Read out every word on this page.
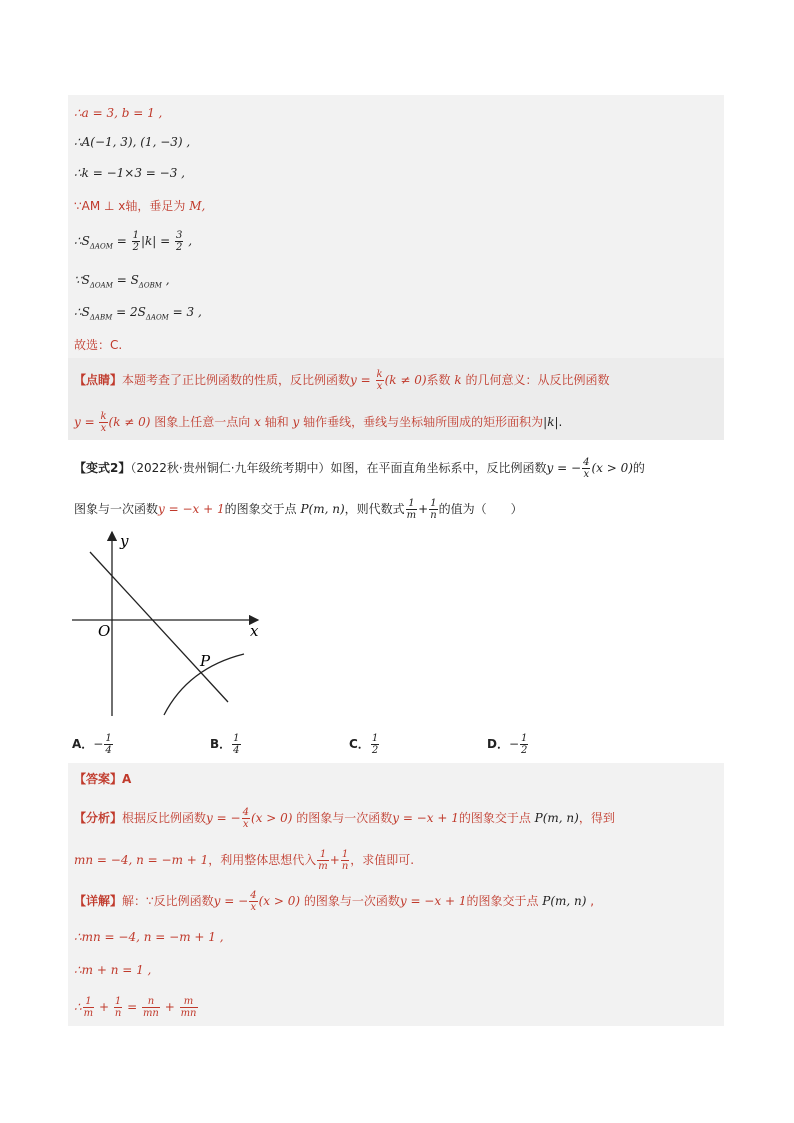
∴a = 3, b = 1 ,
∴A(−1, 3), (1, −3) ,
∴k = −1×3 = −3 ,
∵AM ⊥ x轴，垂足为 M,
$\therefore S_{\Delta AOM} = \frac{1}{2} |k| = \frac{3}{2}$ ,
$\because S_{\Delta OAM} = S_{\Delta OBM}$ ,
$\therefore S_{\Delta ABM} = 2S_{\Delta AOM} = 3$ ,
故选：C.
【点睛】本题考查了正比例函数的性质，反比例函数$y = \frac{k}{x} (k \ne 0)$系数 k 的几何意义：从反比例函数
$y = \frac{k}{x} (k \ne 0)$ 图象上任意一点向 x 轴和 y 轴作垂线，垂线与坐标轴所围成的矩形面积为|k|.
【变式2】（2022秋·贵州铜仁·九年级统考期中）如图，在平面直角坐标系中，反比例函数y = − $\frac{4}{x} (x > 0)$的
图象与一次函数y = −x + 1的图象交于点 P(m, n)，则代数式 $\frac{1}{m} + \frac{1}{n}$ 的值为（　　）
y
x
O
P
A．− $\frac{1}{4}$	B． $\frac{1}{4}$	C． $\frac{1}{2}$	D．− $\frac{1}{2}$
【答案】A
【分析】根据反比例函数y = − $\frac{4}{x} (x > 0)$ 的图象与一次函数y = −x + 1的图象交于点 P(m, n)，得到
mn = −4, n = −m + 1，利用整体思想代入 $\frac{1}{m} + \frac{1}{n}$ ，求值即可.
【详解】解：∵反比例函数y = − $\frac{4}{x} (x > 0)$ 的图象与一次函数y = −x + 1的图象交于点 P(m, n) ,
∴mn = −4, n = −m + 1 ,
∴m + n = 1 ,
∴ $\frac{1}{m} + \frac{1}{n} = \frac{n}{mn} + \frac{m}{mn}$
